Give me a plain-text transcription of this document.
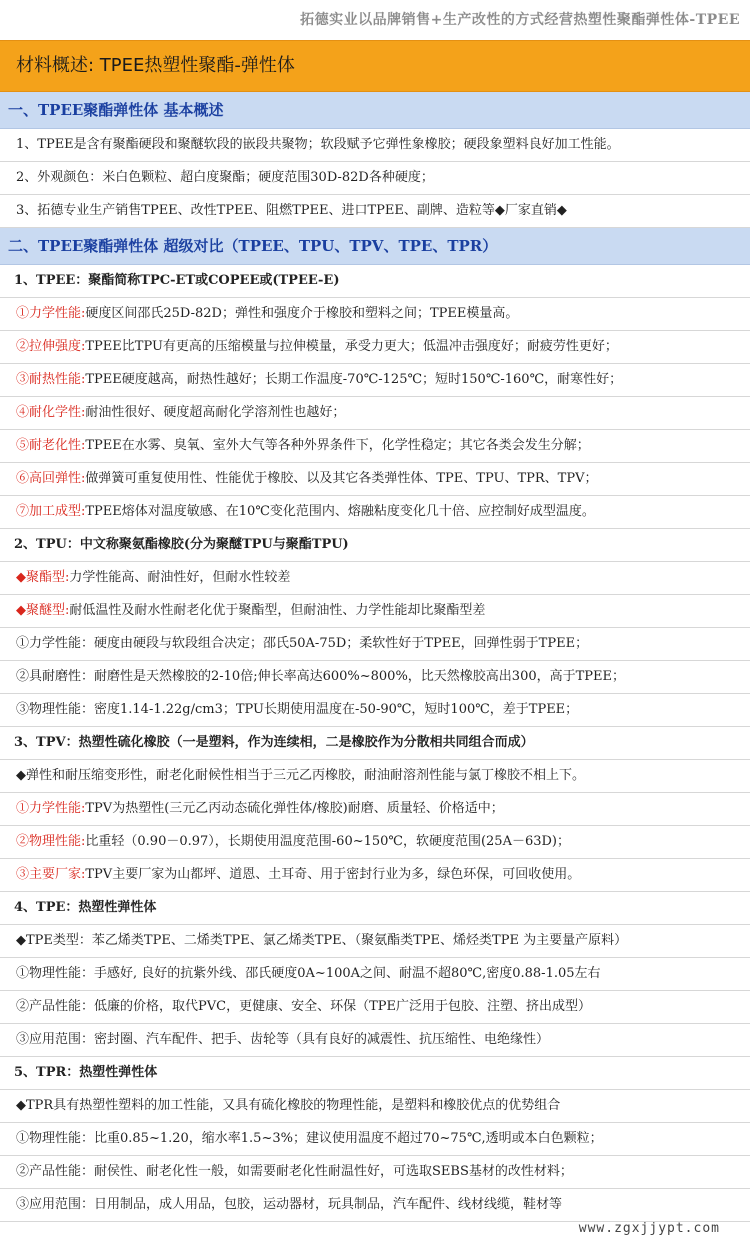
拓德实业以品牌销售+生产改性的方式经营热塑性聚酯弹性体-TPEE
材料概述: TPEE热塑性聚酯-弹性体
一、TPEE聚酯弹性体 基本概述
1、TPEE是含有聚酯硬段和聚醚软段的嵌段共聚物；软段赋予它弹性象橡胶；硬段象塑料良好加工性能。
2、外观颜色：米白色颗粒、超白度聚酯；硬度范围30D-82D各种硬度；
3、拓德专业生产销售TPEE、改性TPEE、阻燃TPEE、进口TPEE、副牌、造粒等◆厂家直销◆
二、TPEE聚酯弹性体 超级对比（TPEE、TPU、TPV、TPE、TPR）
1、TPEE：聚酯简称TPC-ET或COPEE或(TPEE-E)
①力学性能:硬度区间邵氏25D-82D；弹性和强度介于橡胶和塑料之间；TPEE模量高。
②拉伸强度:TPEE比TPU有更高的压缩模量与拉伸模量，承受力更大；低温冲击强度好；耐疲劳性更好；
③耐热性能:TPEE硬度越高，耐热性越好；长期工作温度-70℃-125℃；短时150℃-160℃，耐寒性好；
④耐化学性:耐油性很好、硬度超高耐化学溶剂性也越好；
⑤耐老化性:TPEE在水雾、臭氧、室外大气等各种外界条件下，化学性稳定；其它各类会发生分解；
⑥高回弹性:做弹簧可重复使用性、性能优于橡胶、以及其它各类弹性体、TPE、TPU、TPR、TPV；
⑦加工成型:TPEE熔体对温度敏感、在10℃变化范围内、熔融粘度变化几十倍、应控制好成型温度。
2、TPU：中文称聚氨酯橡胶(分为聚醚TPU与聚酯TPU)
◆聚酯型:力学性能高、耐油性好，但耐水性较差
◆聚醚型:耐低温性及耐水性耐老化优于聚酯型，但耐油性、力学性能却比聚酯型差
①力学性能：硬度由硬段与软段组合决定；邵氏50A-75D；柔软性好于TPEE，回弹性弱于TPEE；
②具耐磨性：耐磨性是天然橡胶的2-10倍;伸长率高达600%~800%，比天然橡胶高出300，高于TPEE；
③物理性能：密度1.14-1.22g/cm3；TPU长期使用温度在-50-90℃，短时100℃，差于TPEE；
3、TPV：热塑性硫化橡胶（一是塑料，作为连续相，二是橡胶作为分散相共同组合而成）
◆弹性和耐压缩变形性，耐老化耐候性相当于三元乙丙橡胶，耐油耐溶剂性能与氯丁橡胶不相上下。
①力学性能:TPV为热塑性(三元乙丙动态硫化弹性体/橡胶)耐磨、质量轻、价格适中；
②物理性能:比重轻（0.90－0.97），长期使用温度范围-60~150℃，软硬度范围(25A－63D)；
③主要厂家:TPV主要厂家为山都坪、道恩、土耳奇、用于密封行业为多，绿色环保，可回收使用。
4、TPE：热塑性弹性体
◆TPE类型：苯乙烯类TPE、二烯类TPE、氯乙烯类TPE、（聚氨酯类TPE、烯烃类TPE 为主要量产原料）
①物理性能：手感好, 良好的抗紫外线、邵氏硬度0A~100A之间、耐温不超80℃,密度0.88-1.05左右
②产品性能：低廉的价格，取代PVC，更健康、安全、环保（TPE广泛用于包胶、注塑、挤出成型）
③应用范围：密封圈、汽车配件、把手、齿轮等（具有良好的减震性、抗压缩性、电绝缘性）
5、TPR：热塑性弹性体
◆TPR具有热塑性塑料的加工性能，又具有硫化橡胶的物理性能，是塑料和橡胶优点的优势组合
①物理性能：比重0.85~1.20，缩水率1.5~3%；建议使用温度不超过70~75℃,透明或本白色颗粒；
②产品性能：耐侯性、耐老化性一般，如需要耐老化性耐温性好，可选取SEBS基材的改性材料；
③应用范围：日用制品，成人用品，包胶，运动器材，玩具制品，汽车配件、线材线缆，鞋材等
www.zgxjjypt.com
